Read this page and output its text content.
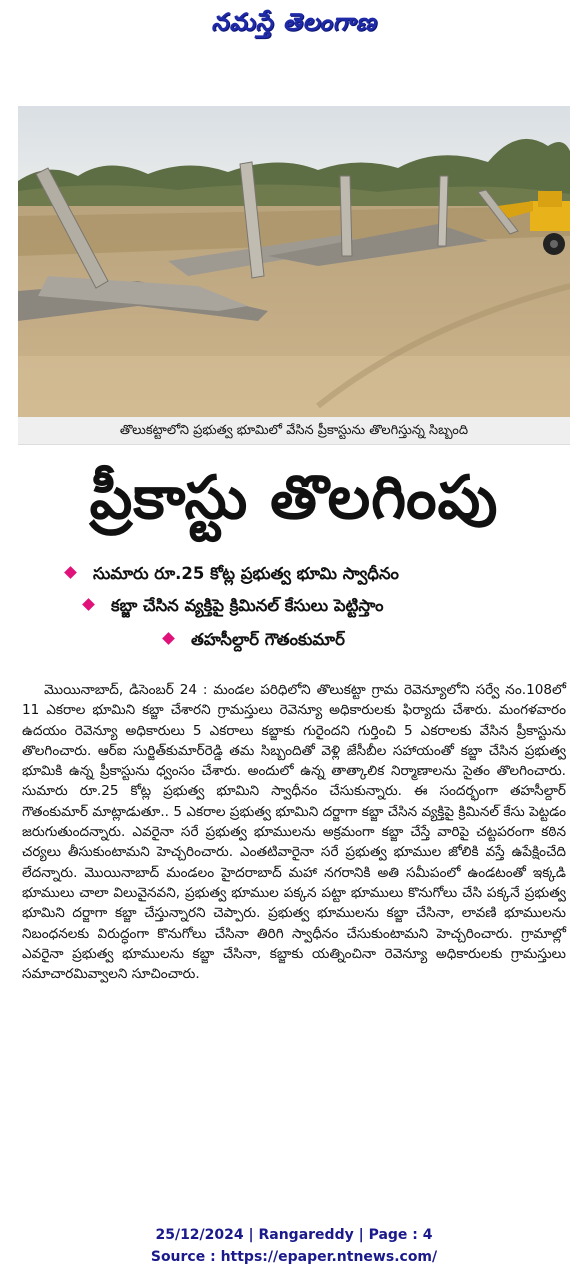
నమస్తే తెలంగాణ
తొలుకట్టాలోని ప్రభుత్వ భూమిలో వేసిన ప్రీకాస్టును తొలగిస్తున్న సిబ్బంది
ప్రీకాస్టు తొలగింపు
సుమారు రూ.25 కోట్ల ప్రభుత్వ భూమి స్వాధీనం
కబ్జా చేసిన వ్యక్తిపై క్రిమినల్ కేసులు పెట్టిస్తాం
తహసీల్దార్ గౌతంకుమార్

మొయినాబాద్, డిసెంబర్ 24 : మండల పరిధిలోని తొలుకట్టా గ్రామ రెవెన్యూలోని సర్వే నం.108లో 11 ఎకరాల భూమిని కబ్జా చేశారని గ్రామస్తులు రెవెన్యూ అధికారులకు ఫిర్యాదు చేశారు. మంగళవారం ఉదయం రెవెన్యూ అధికారులు 5 ఎకరాలు కబ్జాకు గురైందని గుర్తించి 5 ఎకరాలకు వేసిన ప్రీకాస్టును తొలగించారు. ఆర్ఐ సుర్జిత్‌కుమార్‌రెడ్డి తమ సిబ్బందితో వెళ్లి జేసీబీల సహాయంతో కబ్జా చేసిన ప్రభుత్వ భూమికి ఉన్న ప్రీకాస్టును ధ్వంసం చేశారు. అందులో ఉన్న తాత్కాలిక నిర్మాణాలను సైతం తొలగించారు. సుమారు రూ.25 కోట్ల ప్రభుత్వ భూమిని స్వాధీనం చేసుకున్నారు. ఈ సందర్భంగా తహసీల్దార్ గౌతంకుమార్ మాట్లాడుతూ.. 5 ఎకరాల ప్రభుత్వ భూమిని దర్జాగా కబ్జా చేసిన వ్యక్తిపై క్రిమినల్ కేసు పెట్టడం జరుగుతుందన్నారు. ఎవరైనా సరే ప్రభుత్వ భూములను అక్రమంగా కబ్జా చేస్తే వారిపై చట్టపరంగా కఠిన చర్యలు తీసుకుంటామని హెచ్చరించారు. ఎంతటివారైనా సరే ప్రభుత్వ భూముల జోలికి వస్తే ఉపేక్షించేది లేదన్నారు. మొయినాబాద్ మండలం హైదరాబాద్ మహా నగరానికి అతి సమీపంలో ఉండటంతో ఇక్కడి భూములు చాలా విలువైనవని, ప్రభుత్వ భూముల పక్కన పట్టా భూములు కొనుగోలు చేసి పక్కనే ప్రభుత్వ భూమిని దర్జాగా కబ్జా చేస్తున్నారని చెప్పారు. ప్రభుత్వ భూములను కబ్జా చేసినా, లావణి భూములను నిబంధనలకు విరుద్ధంగా కొనుగోలు చేసినా తిరిగి స్వాధీనం చేసుకుంటామని హెచ్చరించారు. గ్రామాల్లో ఎవరైనా ప్రభుత్వ భూములను కబ్జా చేసినా, కబ్జాకు యత్నించినా రెవెన్యూ అధికారులకు గ్రామస్తులు సమాచారమివ్వాలని సూచించారు.

25/12/2024 | Rangareddy | Page : 4
Source : https://epaper.ntnews.com/
